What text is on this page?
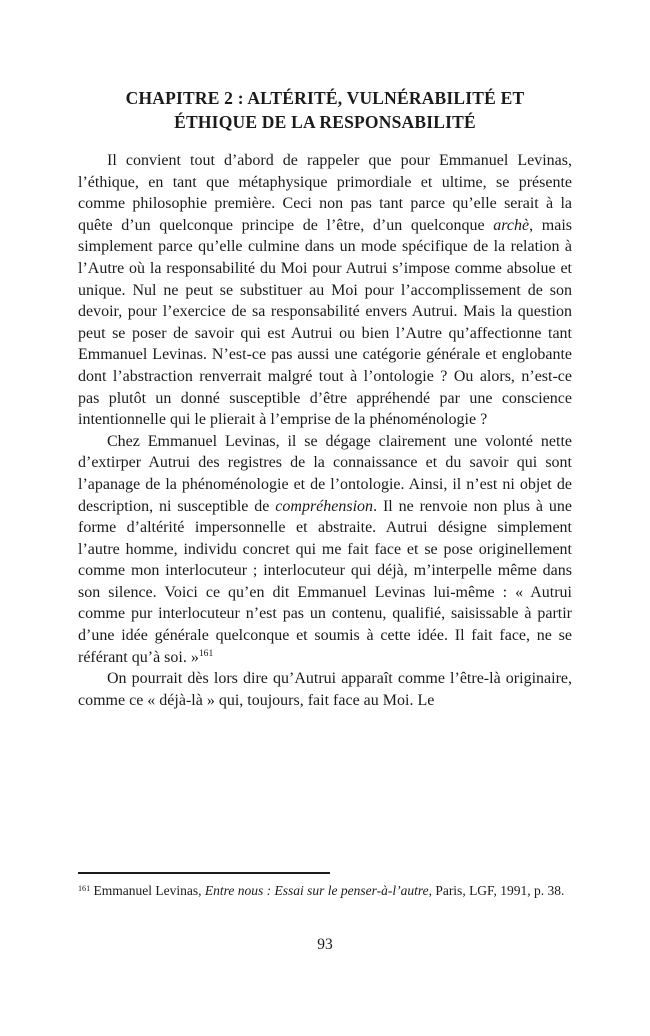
CHAPITRE 2 : ALTÉRITÉ, VULNÉRABILITÉ ET
ÉTHIQUE DE LA RESPONSABILITÉ

Il convient tout d’abord de rappeler que pour Emmanuel Levinas, l’éthique, en tant que métaphysique primordiale et ultime, se présente comme philosophie première. Ceci non pas tant parce qu’elle serait à la quête d’un quelconque principe de l’être, d’un quelconque archè, mais simplement parce qu’elle culmine dans un mode spécifique de la relation à l’Autre où la responsabilité du Moi pour Autrui s’impose comme absolue et unique. Nul ne peut se substituer au Moi pour l’accomplissement de son devoir, pour l’exercice de sa responsabilité envers Autrui. Mais la question peut se poser de savoir qui est Autrui ou bien l’Autre qu’affectionne tant Emmanuel Levinas. N’est-ce pas aussi une catégorie générale et englobante dont l’abstraction renverrait malgré tout à l’ontologie ? Ou alors, n’est-ce pas plutôt un donné susceptible d’être appréhendé par une conscience intentionnelle qui le plierait à l’emprise de la phénoménologie ?

Chez Emmanuel Levinas, il se dégage clairement une volonté nette d’extirper Autrui des registres de la connaissance et du savoir qui sont l’apanage de la phénoménologie et de l’ontologie. Ainsi, il n’est ni objet de description, ni susceptible de compréhension. Il ne renvoie non plus à une forme d’altérité impersonnelle et abstraite. Autrui désigne simplement l’autre homme, individu concret qui me fait face et se pose originellement comme mon interlocuteur ; interlocuteur qui déjà, m’interpelle même dans son silence. Voici ce qu’en dit Emmanuel Levinas lui-même : « Autrui comme pur interlocuteur n’est pas un contenu, qualifié, saisissable à partir d’une idée générale quelconque et soumis à cette idée. Il fait face, ne se référant qu’à soi. »$^{161}$

On pourrait dès lors dire qu’Autrui apparaît comme l’être-là originaire, comme ce « déjà-là » qui, toujours, fait face au Moi. Le

$^{161}$ Emmanuel Levinas, Entre nous : Essai sur le penser-à-l’autre, Paris, LGF, 1991, p. 38.

93
